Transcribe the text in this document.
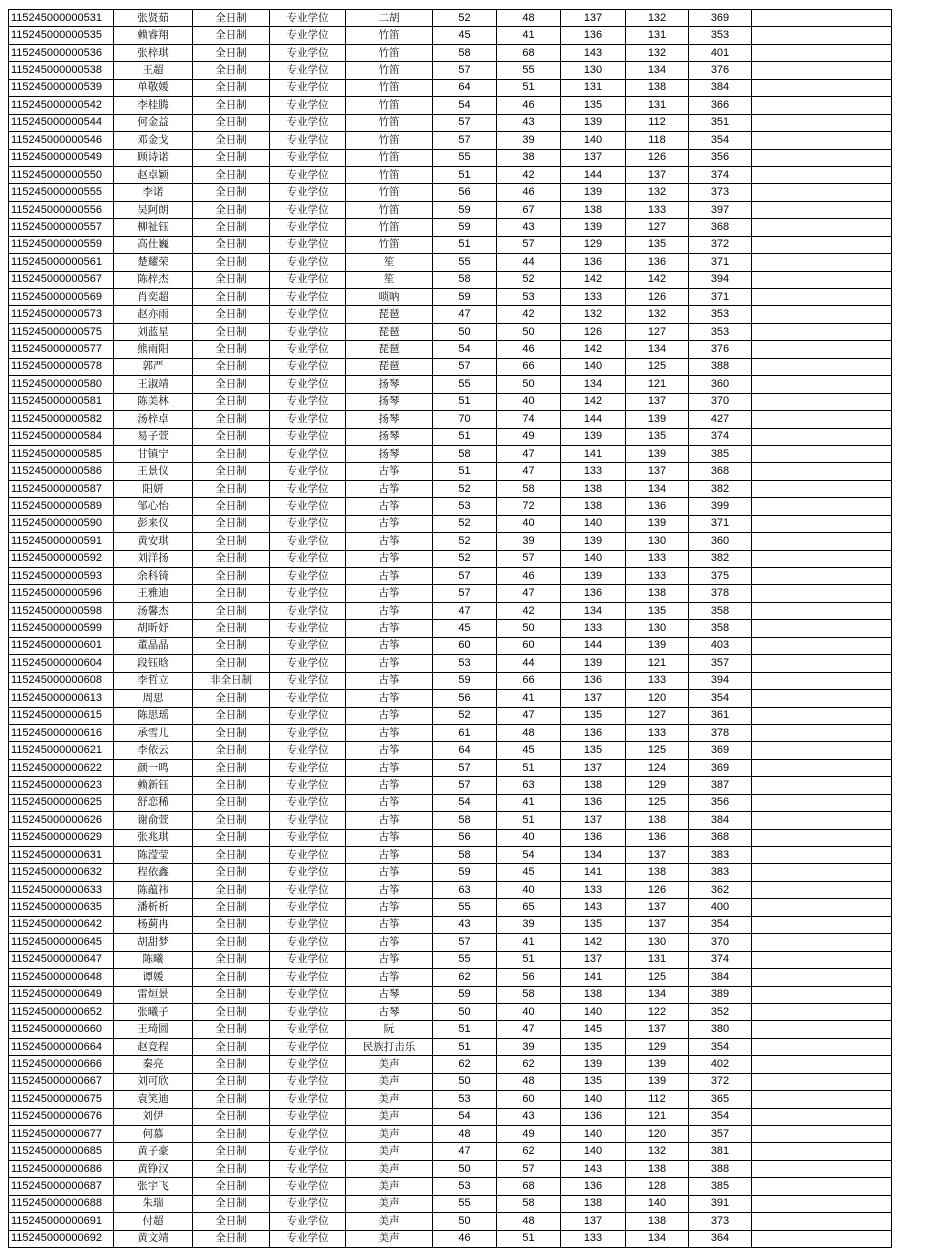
115245000000531	张贤茹	全日制	专业学位	二胡	52	48	137	132	369	
115245000000535	赖睿翔	全日制	专业学位	竹笛	45	41	136	131	353	
115245000000536	张梓琪	全日制	专业学位	竹笛	58	68	143	132	401	
115245000000538	王超	全日制	专业学位	竹笛	57	55	130	134	376	
115245000000539	单敬媛	全日制	专业学位	竹笛	64	51	131	138	384	
115245000000542	李桂腾	全日制	专业学位	竹笛	54	46	135	131	366	
115245000000544	何金益	全日制	专业学位	竹笛	57	43	139	112	351	
115245000000546	邓金戈	全日制	专业学位	竹笛	57	39	140	118	354	
115245000000549	顾诗诺	全日制	专业学位	竹笛	55	38	137	126	356	
115245000000550	赵卓颖	全日制	专业学位	竹笛	51	42	144	137	374	
115245000000555	李诺	全日制	专业学位	竹笛	56	46	139	132	373	
115245000000556	吴阿朗	全日制	专业学位	竹笛	59	67	138	133	397	
115245000000557	柳祉钰	全日制	专业学位	竹笛	59	43	139	127	368	
115245000000559	高仕巍	全日制	专业学位	竹笛	51	57	129	135	372	
115245000000561	楚耀荣	全日制	专业学位	笙	55	44	136	136	371	
115245000000567	陈梓杰	全日制	专业学位	笙	58	52	142	142	394	
115245000000569	肖奕超	全日制	专业学位	唢呐	59	53	133	126	371	
115245000000573	赵亦雨	全日制	专业学位	琵琶	47	42	132	132	353	
115245000000575	刘蓝星	全日制	专业学位	琵琶	50	50	126	127	353	
115245000000577	熊雨阳	全日制	专业学位	琵琶	54	46	142	134	376	
115245000000578	郭严	全日制	专业学位	琵琶	57	66	140	125	388	
115245000000580	王淑靖	全日制	专业学位	扬琴	55	50	134	121	360	
115245000000581	陈美林	全日制	专业学位	扬琴	51	40	142	137	370	
115245000000582	汤梓卓	全日制	专业学位	扬琴	70	74	144	139	427	
115245000000584	易子萱	全日制	专业学位	扬琴	51	49	139	135	374	
115245000000585	甘镇宁	全日制	专业学位	扬琴	58	47	141	139	385	
115245000000586	王景仪	全日制	专业学位	古筝	51	47	133	137	368	
115245000000587	阳妍	全日制	专业学位	古筝	52	58	138	134	382	
115245000000589	邹心怡	全日制	专业学位	古筝	53	72	138	136	399	
115245000000590	彭来仪	全日制	专业学位	古筝	52	40	140	139	371	
115245000000591	黄安琪	全日制	专业学位	古筝	52	39	139	130	360	
115245000000592	刘洋扬	全日制	专业学位	古筝	52	57	140	133	382	
115245000000593	余科锜	全日制	专业学位	古筝	57	46	139	133	375	
115245000000596	王雅迪	全日制	专业学位	古筝	57	47	136	138	378	
115245000000598	汤馨杰	全日制	专业学位	古筝	47	42	134	135	358	
115245000000599	胡昕妤	全日制	专业学位	古筝	45	50	133	130	358	
115245000000601	董晶晶	全日制	专业学位	古筝	60	60	144	139	403	
115245000000604	段钰晗	全日制	专业学位	古筝	53	44	139	121	357	
115245000000608	李哲立	非全日制	专业学位	古筝	59	66	136	133	394	
115245000000613	周思	全日制	专业学位	古筝	56	41	137	120	354	
115245000000615	陈思瑶	全日制	专业学位	古筝	52	47	135	127	361	
115245000000616	承雪儿	全日制	专业学位	古筝	61	48	136	133	378	
115245000000621	李依云	全日制	专业学位	古筝	64	45	135	125	369	
115245000000622	颜一鸣	全日制	专业学位	古筝	57	51	137	124	369	
115245000000623	赖新钰	全日制	专业学位	古筝	57	63	138	129	387	
115245000000625	舒恋稀	全日制	专业学位	古筝	54	41	136	125	356	
115245000000626	谢俞萱	全日制	专业学位	古筝	58	51	137	138	384	
115245000000629	张兆琪	全日制	专业学位	古筝	56	40	136	136	368	
115245000000631	陈滢莹	全日制	专业学位	古筝	58	54	134	137	383	
115245000000632	程依鑫	全日制	专业学位	古筝	59	45	141	138	383	
115245000000633	陈蕴祎	全日制	专业学位	古筝	63	40	133	126	362	
115245000000635	潘析析	全日制	专业学位	古筝	55	65	143	137	400	
115245000000642	杨蓟冉	全日制	专业学位	古筝	43	39	135	137	354	
115245000000645	胡甜梦	全日制	专业学位	古筝	57	41	142	130	370	
115245000000647	陈曦	全日制	专业学位	古筝	55	51	137	131	374	
115245000000648	谭媛	全日制	专业学位	古筝	62	56	141	125	384	
115245000000649	雷烜景	全日制	专业学位	古琴	59	58	138	134	389	
115245000000652	张曦子	全日制	专业学位	古琴	50	40	140	122	352	
115245000000660	王琦圆	全日制	专业学位	阮	51	47	145	137	380	
115245000000664	赵竞程	全日制	专业学位	民族打击乐	51	39	135	129	354	
115245000000666	秦亮	全日制	专业学位	美声	62	62	139	139	402	
115245000000667	刘可欣	全日制	专业学位	美声	50	48	135	139	372	
115245000000675	袁笑迪	全日制	专业学位	美声	53	60	140	112	365	
115245000000676	刘伊	全日制	专业学位	美声	54	43	136	121	354	
115245000000677	何慕	全日制	专业学位	美声	48	49	140	120	357	
115245000000685	黄子豪	全日制	专业学位	美声	47	62	140	132	381	
115245000000686	黄铮汉	全日制	专业学位	美声	50	57	143	138	388	
115245000000687	张宇飞	全日制	专业学位	美声	53	68	136	128	385	
115245000000688	朱瑞	全日制	专业学位	美声	55	58	138	140	391	
115245000000691	付超	全日制	专业学位	美声	50	48	137	138	373	
115245000000692	黄文靖	全日制	专业学位	美声	46	51	133	134	364	
